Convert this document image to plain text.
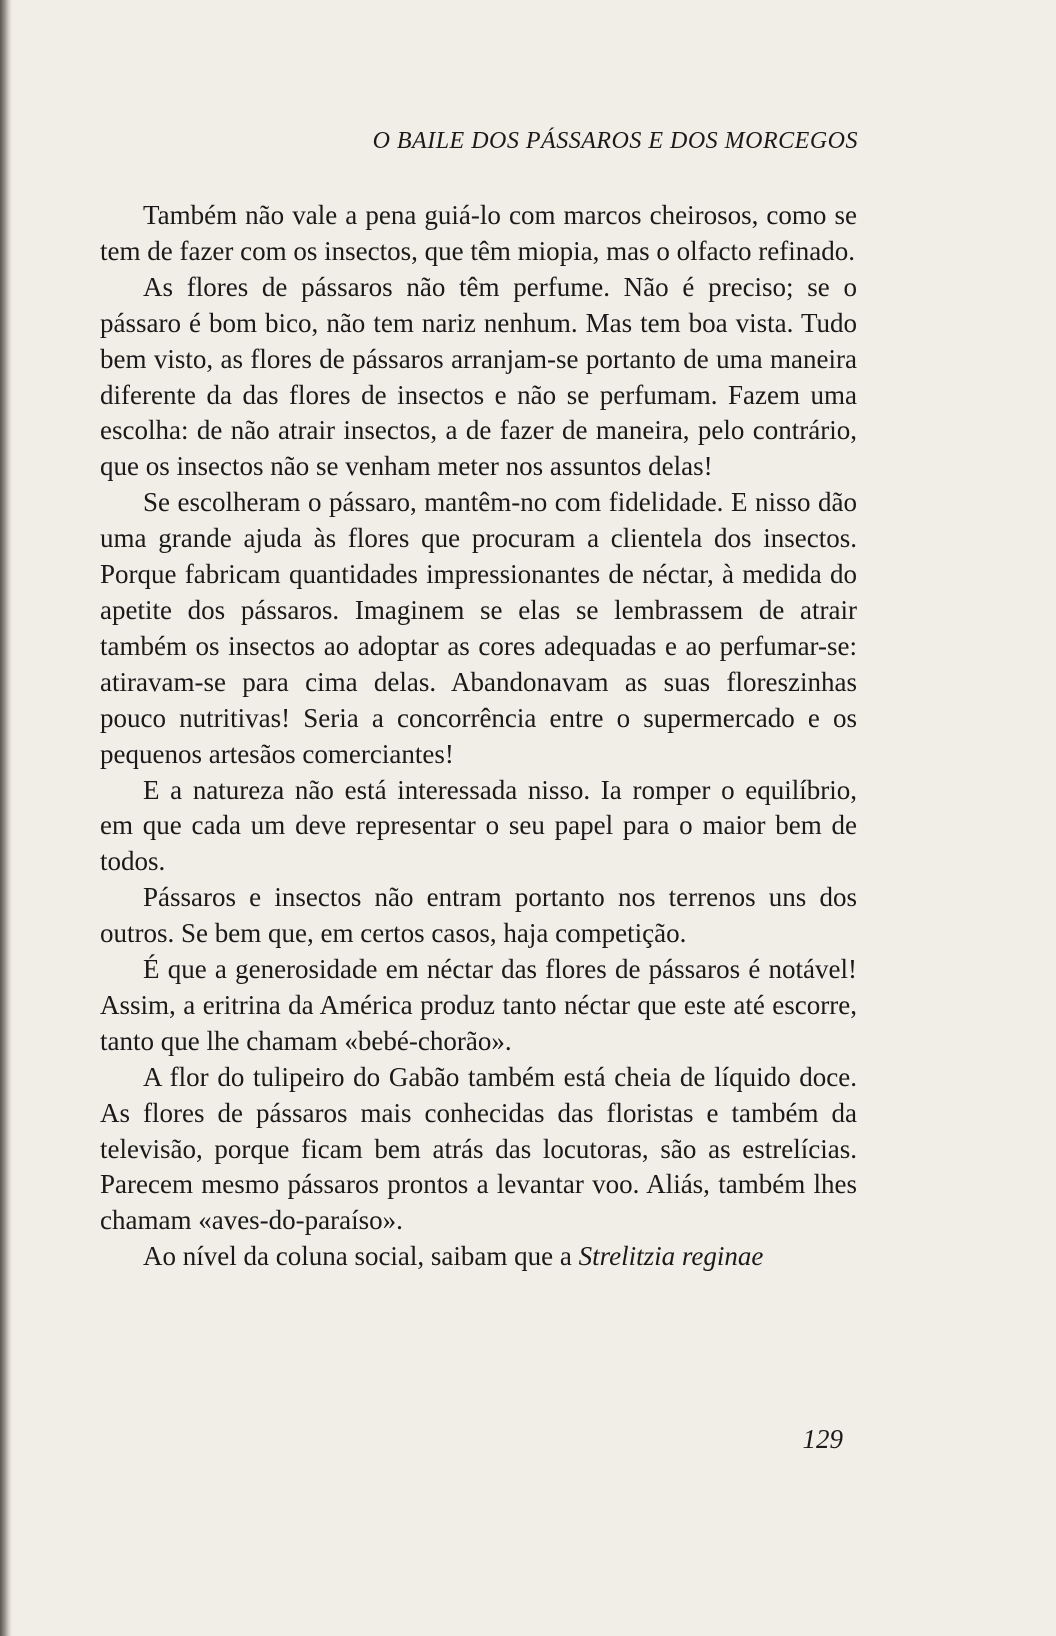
O BAILE DOS PÁSSAROS E DOS MORCEGOS

Também não vale a pena guiá-lo com marcos cheirosos, como se tem de fazer com os insectos, que têm miopia, mas o olfacto refinado.

As flores de pássaros não têm perfume. Não é preciso; se o pássaro é bom bico, não tem nariz nenhum. Mas tem boa vista. Tudo bem visto, as flores de pássaros arranjam-se portanto de uma maneira diferente da das flores de insectos e não se perfumam. Fazem uma escolha: de não atrair insectos, a de fazer de maneira, pelo contrário, que os insectos não se venham meter nos assuntos delas!

Se escolheram o pássaro, mantêm-no com fidelidade. E nisso dão uma grande ajuda às flores que procuram a clientela dos insectos. Porque fabricam quantidades impressionantes de néctar, à medida do apetite dos pássaros. Imaginem se elas se lembrassem de atrair também os insectos ao adoptar as cores adequadas e ao perfumar-se: atiravam-se para cima delas. Abandonavam as suas floreszinhas pouco nutritivas! Seria a concorrência entre o supermercado e os pequenos artesãos comerciantes!

E a natureza não está interessada nisso. Ia romper o equilíbrio, em que cada um deve representar o seu papel para o maior bem de todos.

Pássaros e insectos não entram portanto nos terrenos uns dos outros. Se bem que, em certos casos, haja competição.

É que a generosidade em néctar das flores de pássaros é notável! Assim, a eritrina da América produz tanto néctar que este até escorre, tanto que lhe chamam «bebé-chorão».

A flor do tulipeiro do Gabão também está cheia de líquido doce. As flores de pássaros mais conhecidas das floristas e também da televisão, porque ficam bem atrás das locutoras, são as estrelícias. Parecem mesmo pássaros prontos a levantar voo. Aliás, também lhes chamam «aves-do-paraíso».

Ao nível da coluna social, saibam que a Strelitzia reginae

129
